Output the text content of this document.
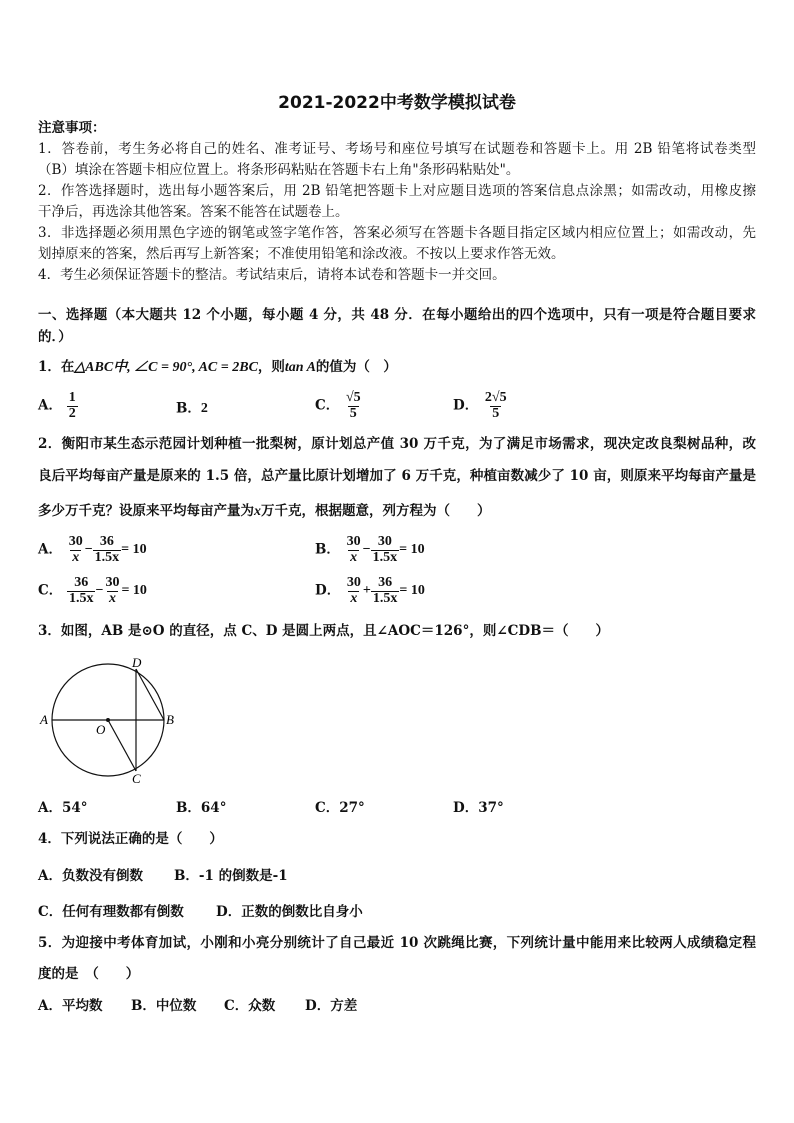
2021-2022中考数学模拟试卷
注意事项：
1．答卷前，考生务必将自己的姓名、准考证号、考场号和座位号填写在试题卷和答题卡上。用 2B 铅笔将试卷类型
（B）填涂在答题卡相应位置上。将条形码粘贴在答题卡右上角"条形码粘贴处"。
2．作答选择题时，选出每小题答案后，用 2B 铅笔把答题卡上对应题目选项的答案信息点涂黑；如需改动，用橡皮擦
干净后，再选涂其他答案。答案不能答在试题卷上。
3．非选择题必须用黑色字迹的钢笔或签字笔作答，答案必须写在答题卡各题目指定区域内相应位置上；如需改动，先
划掉原来的答案，然后再写上新答案；不准使用铅笔和涂改液。不按以上要求作答无效。
4．考生必须保证答题卡的整洁。考试结束后，请将本试卷和答题卡一并交回。
一、选择题（本大题共 12 个小题，每小题 4 分，共 48 分．在每小题给出的四个选项中，只有一项是符合题目要求
的．）
1．在△ABC中, ∠C = 90°, AC = 2BC，则tan A的值为（　）
A． $\frac{1}{2}$	B．2	C． $\frac{√5}{5}$	D． $\frac{2√5}{5}$
2．衡阳市某生态示范园计划种植一批梨树，原计划总产值 30 万千克，为了满足市场需求，现决定改良梨树品种，改
良后平均每亩产量是原来的 1.5 倍，总产量比原计划增加了 6 万千克，种植亩数减少了 10 亩，则原来平均每亩产量是
多少万千克？设原来平均每亩产量为x万千克，根据题意，列方程为（　　）
A． $\frac{30}{x} - \frac{36}{1.5x} = 10$	B． $\frac{30}{x} - \frac{30}{1.5x} = 10$
C． $\frac{36}{1.5x} - \frac{30}{x} = 10$	D． $\frac{30}{x} + \frac{36}{1.5x} = 10$
3．如图，AB 是⊙O 的直径，点 C、D 是圆上两点，且∠AOC＝126°，则∠CDB＝（　　）
A	B
C
D
O
A．54°	B．64°	C．27°	D．37°
4．下列说法正确的是（　　）
A．负数没有倒数 B．-1 的倒数是-1
C．任何有理数都有倒数 D．正数的倒数比自身小
5．为迎接中考体育加试，小刚和小亮分别统计了自己最近 10 次跳绳比赛，下列统计量中能用来比较两人成绩稳定程
度的是　（　　）
A．平均数 B．中位数 C．众数 D．方差
